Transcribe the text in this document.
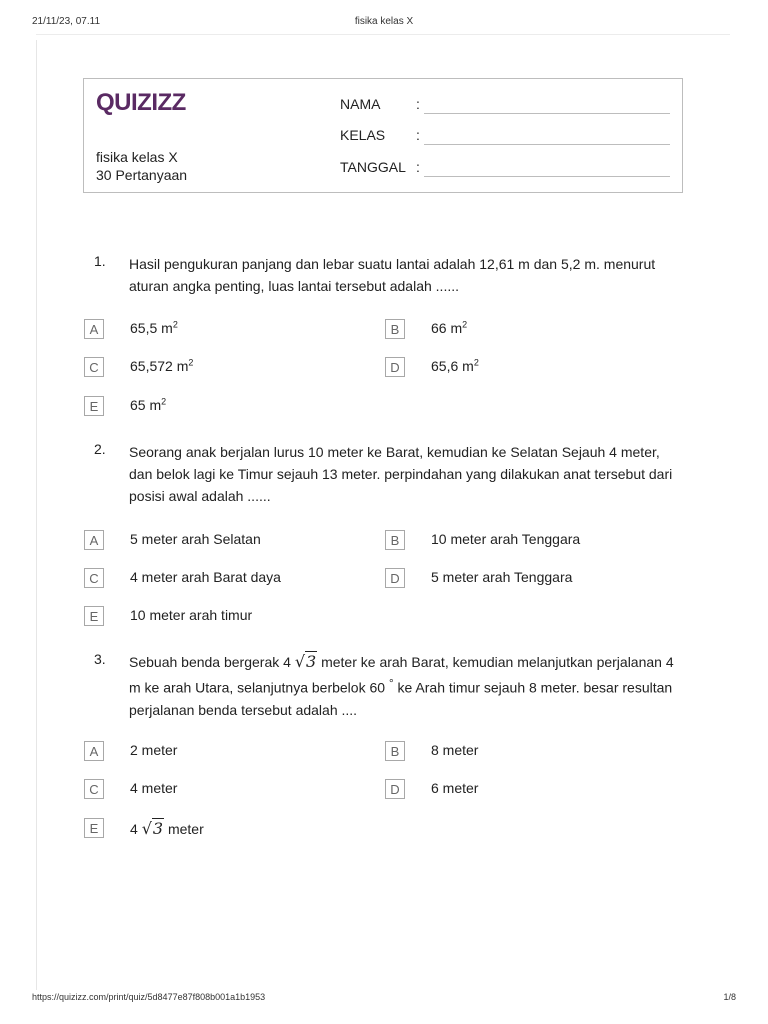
21/11/23, 07.11	fisika kelas X
QUIZIZZ
fisika kelas X
30 Pertanyaan
NAMA	:
KELAS	:
TANGGAL :
1. Hasil pengukuran panjang dan lebar suatu lantai adalah 12,61 m dan 5,2 m. menurut aturan angka penting, luas lantai tersebut adalah ......
A	65,5 $m^2$	B	66 $m^2$
C	65,572 $m^2$	D	65,6 $m^2$
E	65 $m^2$
2. Seorang anak berjalan lurus 10 meter ke Barat, kemudian ke Selatan Sejauh 4 meter, dan belok lagi ke Timur sejauh 13 meter. perpindahan yang dilakukan anat tersebut dari posisi awal adalah ......
A	5 meter arah Selatan	B	10 meter arah Tenggara
C	4 meter arah Barat daya	D	5 meter arah Tenggara
E	10 meter arah timur
3. Sebuah benda bergerak 4 √3 meter ke arah Barat, kemudian melanjutkan perjalanan 4 m ke arah Utara, selanjutnya berbelok 60 ° ke Arah timur sejauh 8 meter. besar resultan perjalanan benda tersebut adalah ....
A	2 meter	B	8 meter
C	4 meter	D	6 meter
E	4 √3 meter
https://quizizz.com/print/quiz/5d8477e87f808b001a1b1953	1/8
